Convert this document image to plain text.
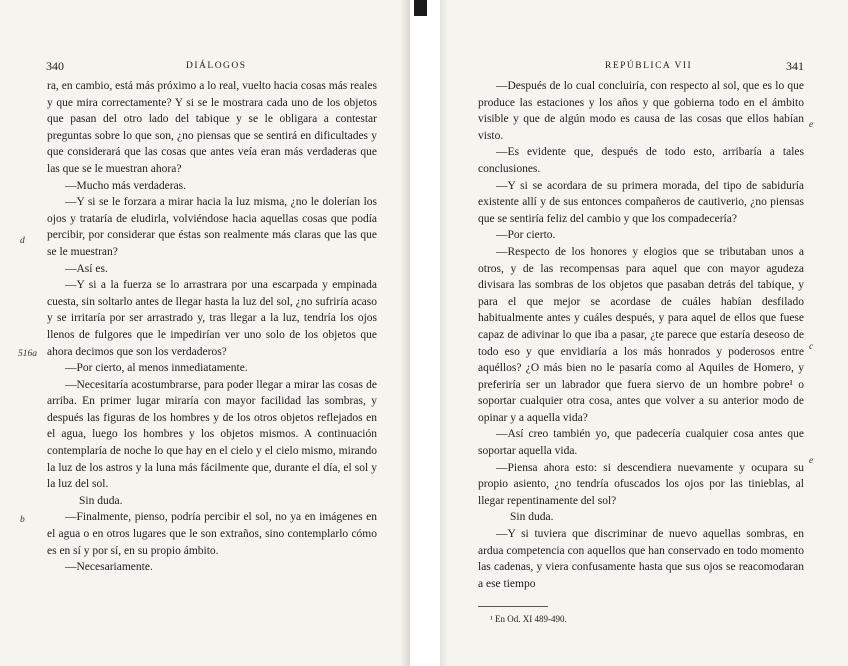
340	DIÁLOGOS	REPÚBLICA VII	341
d
516a
b
e
c
e

ra, en cambio, está más próximo a lo real, vuelto hacia cosas más reales y que mira correctamente? Y si se le mostrara cada uno de los objetos que pasan del otro lado del tabique y se le obligara a contestar preguntas sobre lo que son, ¿no piensas que se sentirá en dificultades y que considerará que las cosas que antes veía eran más verdaderas que las que se le muestran ahora?

—Mucho más verdaderas.

—Y si se le forzara a mirar hacia la luz misma, ¿no le dolerían los ojos y trataría de eludirla, volviéndose hacia aquellas cosas que podía percibir, por considerar que éstas son realmente más claras que las que se le muestran?

—Así es.

—Y si a la fuerza se lo arrastrara por una escarpada y empinada cuesta, sin soltarlo antes de llegar hasta la luz del sol, ¿no sufriría acaso y se irritaría por ser arrastrado y, tras llegar a la luz, tendría los ojos llenos de fulgores que le impedirían ver uno solo de los objetos que ahora decimos que son los verdaderos?

—Por cierto, al menos inmediatamente.

—Necesitaría acostumbrarse, para poder llegar a mirar las cosas de arriba. En primer lugar miraría con mayor facilidad las sombras, y después las figuras de los hombres y de los otros objetos reflejados en el agua, luego los hombres y los objetos mismos. A continuación contemplaría de noche lo que hay en el cielo y el cielo mismo, mirando la luz de los astros y la luna más fácilmente que, durante el día, el sol y la luz del sol.

Sin duda.

—Finalmente, pienso, podría percibir el sol, no ya en imágenes en el agua o en otros lugares que le son extraños, sino contemplarlo cómo es en sí y por sí, en su propio ámbito.

—Necesariamente.

—Después de lo cual concluiría, con respecto al sol, que es lo que produce las estaciones y los años y que gobierna todo en el ámbito visible y que de algún modo es causa de las cosas que ellos habían visto.

—Es evidente que, después de todo esto, arribaría a tales conclusiones.

—Y si se acordara de su primera morada, del tipo de sabiduría existente allí y de sus entonces compañeros de cautiverio, ¿no piensas que se sentiría feliz del cambio y que los compadecería?

—Por cierto.

—Respecto de los honores y elogios que se tributaban unos a otros, y de las recompensas para aquel que con mayor agudeza divisara las sombras de los objetos que pasaban detrás del tabique, y para el que mejor se acordase de cuáles habían desfilado habitualmente antes y cuáles después, y para aquel de ellos que fuese capaz de adivinar lo que iba a pasar, ¿te parece que estaría deseoso de todo eso y que envidiaría a los más honrados y poderosos entre aquéllos? ¿O más bien no le pasaría como al Aquiles de Homero, y preferiría ser un labrador que fuera siervo de un hombre pobre¹ o soportar cualquier otra cosa, antes que volver a su anterior modo de opinar y a aquella vida?

—Así creo también yo, que padecería cualquier cosa antes que soportar aquella vida.

—Piensa ahora esto: si descendiera nuevamente y ocupara su propio asiento, ¿no tendría ofuscados los ojos por las tinieblas, al llegar repentinamente del sol?

Sin duda.

—Y si tuviera que discriminar de nuevo aquellas sombras, en ardua competencia con aquellos que han conservado en todo momento las cadenas, y viera confusamente hasta que sus ojos se reacomodaran a ese tiempo

¹ En Od. XI 489-490.
